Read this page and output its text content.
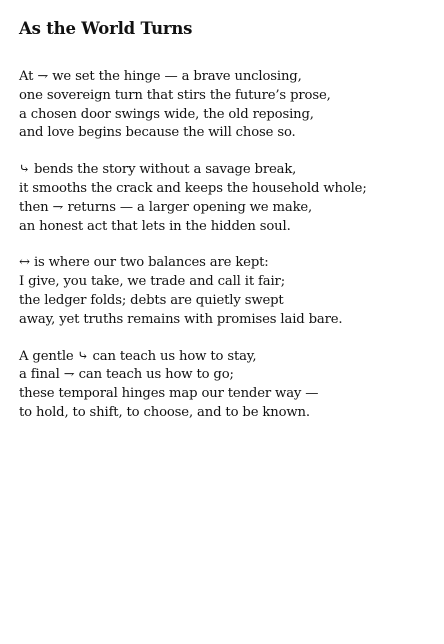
As the World Turns
At ⇁ we set the hinge — a brave unclosing,
one sovereign turn that stirs the future’s prose,
a chosen door swings wide, the old reposing,
and love begins because the will chose so.
⤷ bends the story without a savage break,
it smooths the crack and keeps the household whole;
then ⇁ returns — a larger opening we make,
an honest act that lets in the hidden soul.
↔ is where our two balances are kept:
I give, you take, we trade and call it fair;
the ledger folds; debts are quietly swept
away, yet truths remains with promises laid bare.
A gentle ⤷ can teach us how to stay,
a final ⇁ can teach us how to go;
these temporal hinges map our tender way —
to hold, to shift, to choose, and to be known.
